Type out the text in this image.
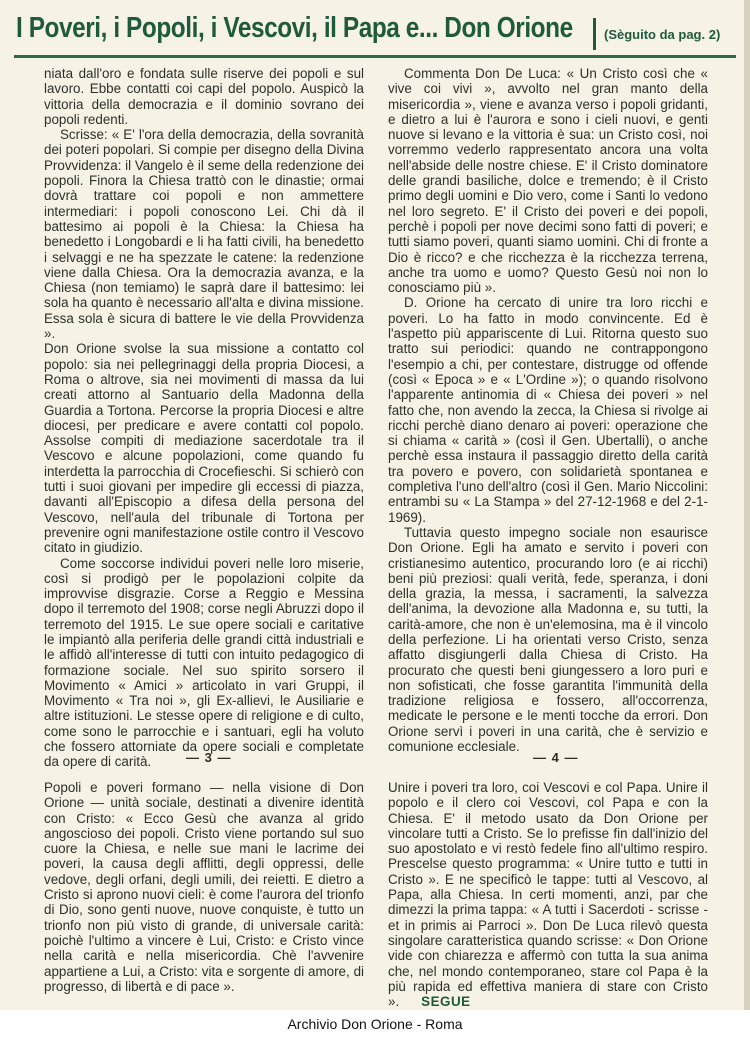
I Poveri, i Popoli, i Vescovi, il Papa e... Don Orione (Sèguito da pag. 2)

niata dall'oro e fondata sulle riserve dei popoli e sul lavoro. Ebbe contatti coi capi del popolo. Auspicò la vittoria della democrazia e il dominio sovrano dei popoli redenti.

Scrisse: « E' l'ora della democrazia, della sovranità dei poteri popolari. Si compie per disegno della Divina Provvidenza: il Vangelo è il seme della redenzione dei popoli. Finora la Chiesa trattò con le dinastie; ormai dovrà trattare coi popoli e non ammettere intermediari: i popoli conoscono Lei. Chi dà il battesimo ai popoli è la Chiesa: la Chiesa ha benedetto i Longobardi e li ha fatti civili, ha benedetto i selvaggi e ne ha spezzate le catene: la redenzione viene dalla Chiesa. Ora la democrazia avanza, e la Chiesa (non temiamo) le saprà dare il battesimo: lei sola ha quanto è necessario all'alta e divina missione. Essa sola è sicura di battere le vie della Provvidenza ».

Don Orione svolse la sua missione a contatto col popolo: sia nei pellegrinaggi della propria Diocesi, a Roma o altrove, sia nei movimenti di massa da lui creati attorno al Santuario della Madonna della Guardia a Tortona. Percorse la propria Diocesi e altre diocesi, per predicare e avere contatti col popolo. Assolse compiti di mediazione sacerdotale tra il Vescovo e alcune popolazioni, come quando fu interdetta la parrocchia di Crocefieschi. Si schierò con tutti i suoi giovani per impedire gli eccessi di piazza, davanti all'Episcopio a difesa della persona del Vescovo, nell'aula del tribunale di Tortona per prevenire ogni manifestazione ostile contro il Vescovo citato in giudizio.

Come soccorse individui poveri nelle loro miserie, così si prodigò per le popolazioni colpite da improvvise disgrazie. Corse a Reggio e Messina dopo il terremoto del 1908; corse negli Abruzzi dopo il terremoto del 1915. Le sue opere sociali e caritative le impiantò alla periferia delle grandi città industriali e le affidò all'interesse di tutti con intuito pedagogico di formazione sociale. Nel suo spirito sorsero il Movimento « Amici » articolato in vari Gruppi, il Movimento « Tra noi », gli Ex-allievi, le Ausiliarie e altre istituzioni. Le stesse opere di religione e di culto, come sono le parrocchie e i santuari, egli ha voluto che fossero attorniate da opere sociali e completate da opere di carità.

Commenta Don De Luca: « Un Cristo così che « vive coi vivi », avvolto nel gran manto della misericordia », viene e avanza verso i popoli gridanti, e dietro a lui è l'aurora e sono i cieli nuovi, e genti nuove si levano e la vittoria è sua: un Cristo così, noi vorremmo vederlo rappresentato ancora una volta nell'abside delle nostre chiese. E' il Cristo dominatore delle grandi basiliche, dolce e tremendo; è il Cristo primo degli uomini e Dio vero, come i Santi lo vedono nel loro segreto. E' il Cristo dei poveri e dei popoli, perchè i popoli per nove decimi sono fatti di poveri; e tutti siamo poveri, quanti siamo uomini. Chi di fronte a Dio è ricco? e che ricchezza è la ricchezza terrena, anche tra uomo e uomo? Questo Gesù noi non lo conosciamo più ».

D. Orione ha cercato di unire tra loro ricchi e poveri. Lo ha fatto in modo convincente. Ed è l'aspetto più appariscente di Lui. Ritorna questo suo tratto sui periodici: quando ne contrappongono l'esempio a chi, per contestare, distrugge od offende (così « Epoca » e « L'Ordine »); o quando risolvono l'apparente antinomia di « Chiesa dei poveri » nel fatto che, non avendo la zecca, la Chiesa si rivolge ai ricchi perchè diano denaro ai poveri: operazione che si chiama « carità » (così il Gen. Ubertalli), o anche perchè essa instaura il passaggio diretto della carità tra povero e povero, con solidarietà spontanea e completiva l'uno dell'altro (così il Gen. Mario Niccolini: entrambi su « La Stampa » del 27-12-1968 e del 2-1-1969).

Tuttavia questo impegno sociale non esaurisce Don Orione. Egli ha amato e servito i poveri con cristianesimo autentico, procurando loro (e ai ricchi) beni più preziosi: quali verità, fede, speranza, i doni della grazia, la messa, i sacramenti, la salvezza dell'anima, la devozione alla Madonna e, su tutti, la carità-amore, che non è un'elemosina, ma è il vincolo della perfezione. Li ha orientati verso Cristo, senza affatto disgiungerli dalla Chiesa di Cristo. Ha procurato che questi beni giungessero a loro puri e non sofisticati, che fosse garantita l'immunità della tradizione religiosa e fossero, all'occorrenza, medicate le persone e le menti tocche da errori. Don Orione servì i poveri in una carità, che è servizio e comunione ecclesiale.

— 3 —	— 4 —

Popoli e poveri formano — nella visione di Don Orione — unità sociale, destinati a divenire identità con Cristo: « Ecco Gesù che avanza al grido angoscioso dei popoli. Cristo viene portando sul suo cuore la Chiesa, e nelle sue mani le lacrime dei poveri, la causa degli afflitti, degli oppressi, delle vedove, degli orfani, degli umili, dei reietti. E dietro a Cristo si aprono nuovi cieli: è come l'aurora del trionfo di Dio, sono genti nuove, nuove conquiste, è tutto un trionfo non più visto di grande, di universale carità: poichè l'ultimo a vincere è Lui, Cristo: e Cristo vince nella carità e nella misericordia. Chè l'avvenire appartiene a Lui, a Cristo: vita e sorgente di amore, di progresso, di libertà e di pace ».

Unire i poveri tra loro, coi Vescovi e col Papa. Unire il popolo e il clero coi Vescovi, col Papa e con la Chiesa. E' il metodo usato da Don Orione per vincolare tutti a Cristo. Se lo prefisse fin dall'inizio del suo apostolato e vi restò fedele fino all'ultimo respiro. Prescelse questo programma: « Unire tutto e tutti in Cristo ». E ne specificò le tappe: tutti al Vescovo, al Papa, alla Chiesa. In certi momenti, anzi, par che dimezzi la prima tappa: « A tutti i Sacerdoti - scrisse - et in primis ai Parroci ». Don De Luca rilevò questa singolare caratteristica quando scrisse: « Don Orione vide con chiarezza e affermò con tutta la sua anima che, nel mondo contemporaneo, stare col Papa è la più rapida ed effettiva maniera di stare con Cristo ». SEGUE

Archivio Don Orione - Roma
